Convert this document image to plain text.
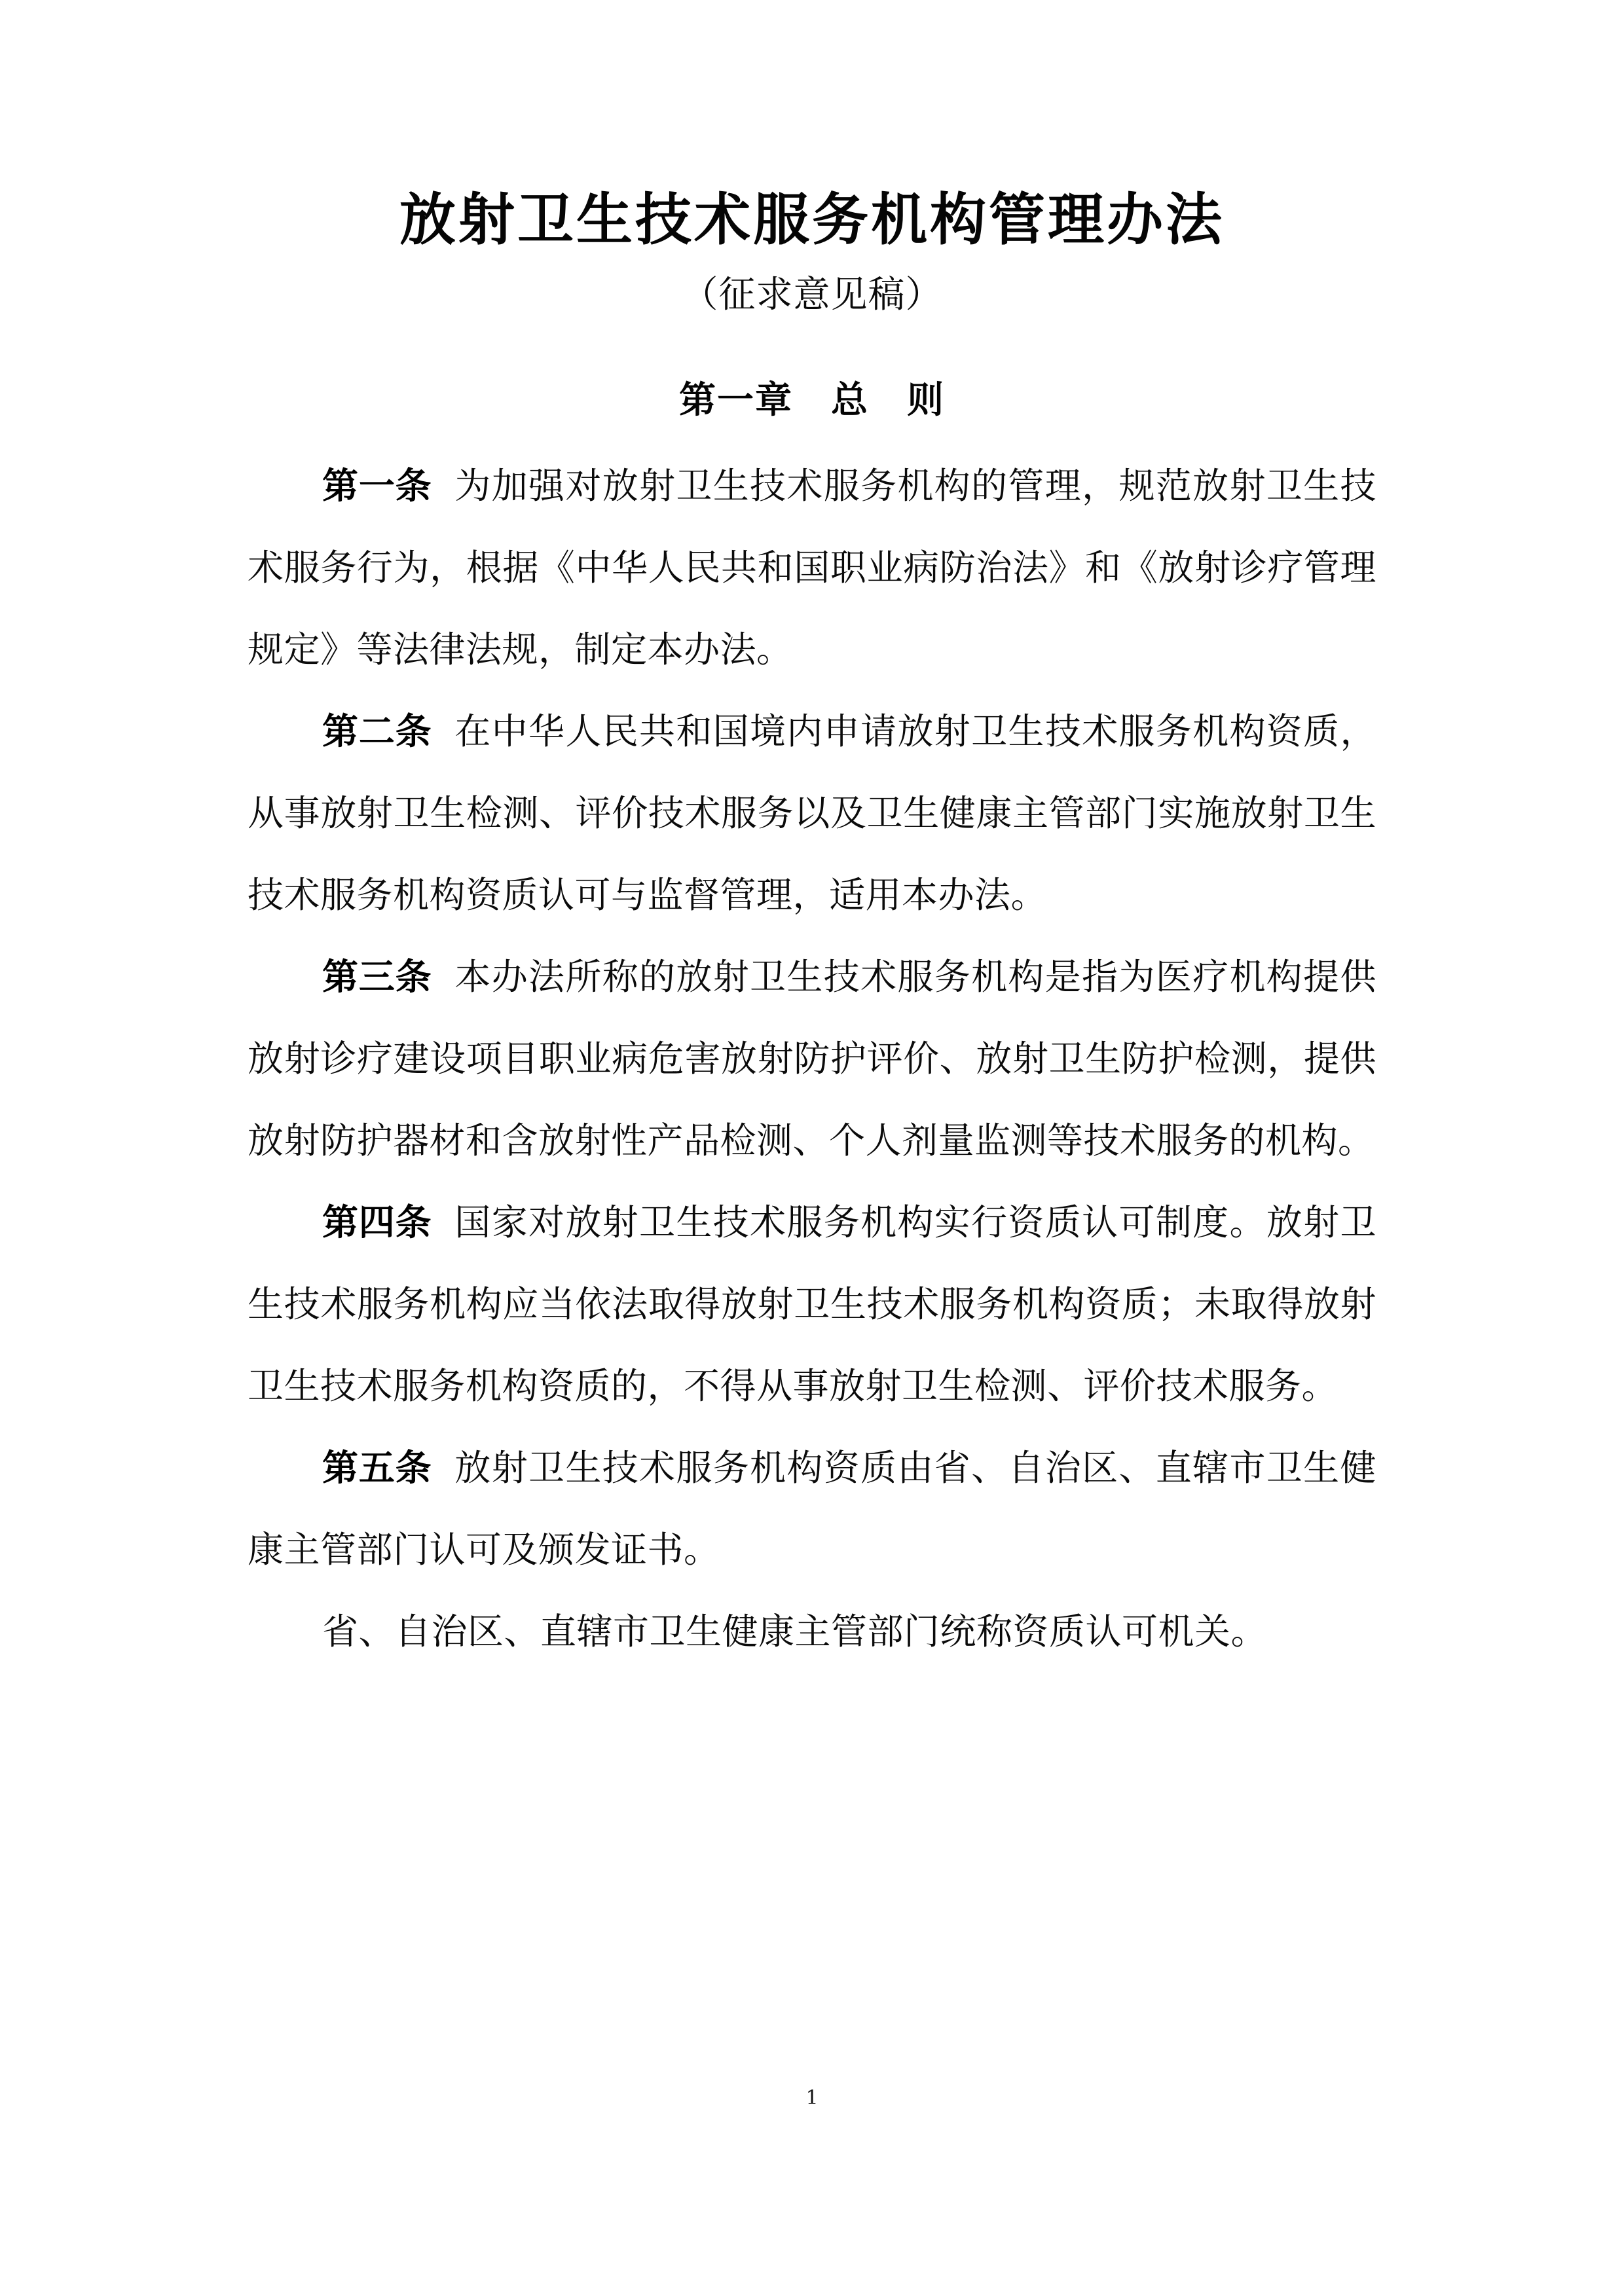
放射卫生技术服务机构管理办法
（征求意见稿）
第一章　总　则

第一条 为加强对放射卫生技术服务机构的管理，规范放射卫生技术服务行为，根据《中华人民共和国职业病防治法》和《放射诊疗管理规定》等法律法规，制定本办法。

第二条 在中华人民共和国境内申请放射卫生技术服务机构资质，从事放射卫生检测、评价技术服务以及卫生健康主管部门实施放射卫生技术服务机构资质认可与监督管理，适用本办法。

第三条 本办法所称的放射卫生技术服务机构是指为医疗机构提供放射诊疗建设项目职业病危害放射防护评价、放射卫生防护检测，提供放射防护器材和含放射性产品检测、个人剂量监测等技术服务的机构。

第四条 国家对放射卫生技术服务机构实行资质认可制度。放射卫生技术服务机构应当依法取得放射卫生技术服务机构资质；未取得放射卫生技术服务机构资质的，不得从事放射卫生检测、评价技术服务。

第五条 放射卫生技术服务机构资质由省、自治区、直辖市卫生健康主管部门认可及颁发证书。

省、自治区、直辖市卫生健康主管部门统称资质认可机关。

1
